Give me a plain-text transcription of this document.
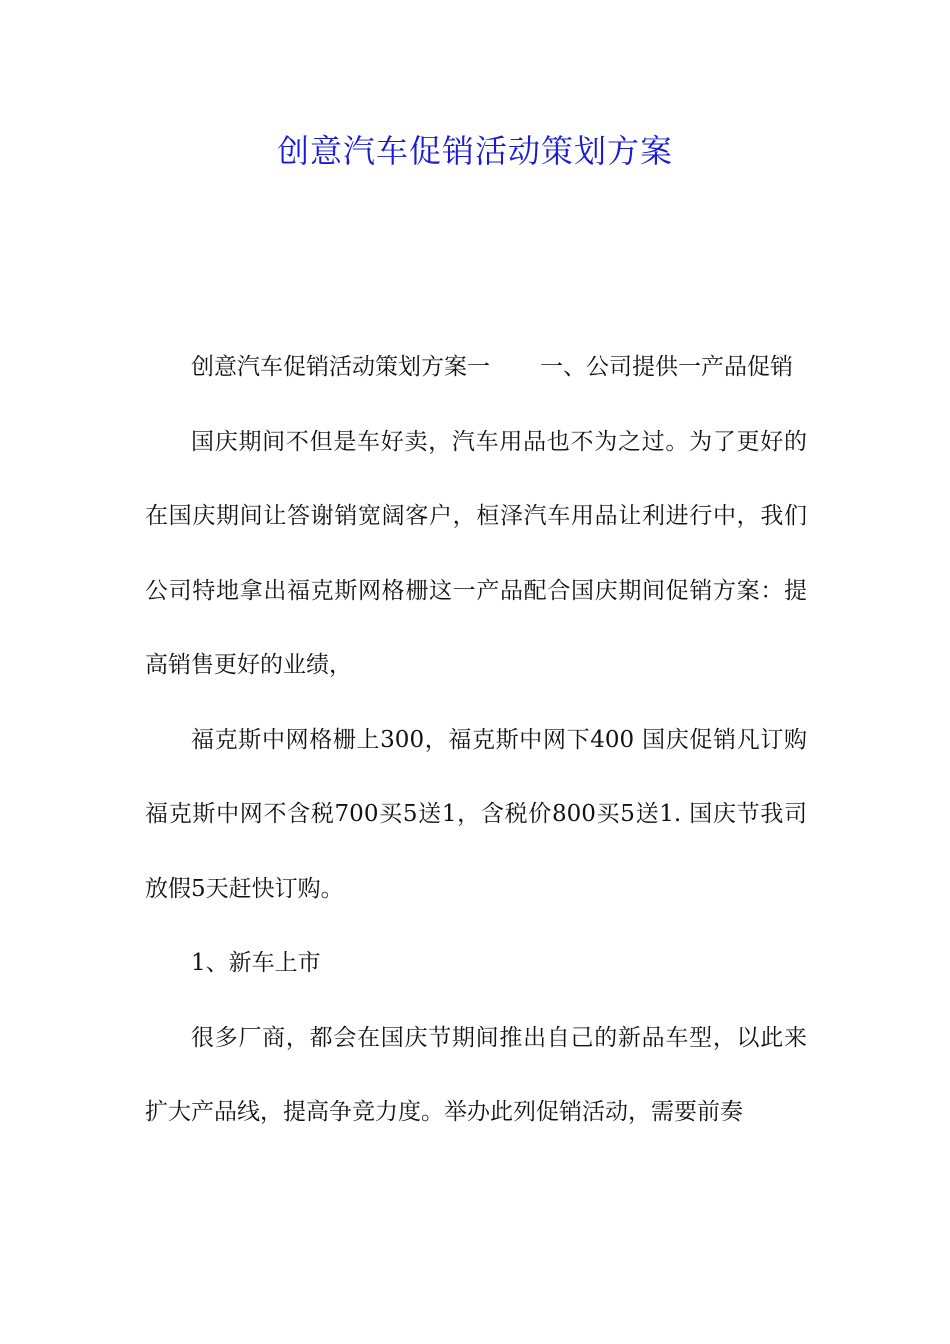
创意汽车促销活动策划方案

创意汽车促销活动策划方案一 一、公司提供一产品促销

国庆期间不但是车好卖，汽车用品也不为之过。为了更好的在国庆期间让答谢销宽阔客户，桓泽汽车用品让利进行中，我们公司特地拿出福克斯网格栅这一产品配合国庆期间促销方案：提高销售更好的业绩，

福克斯中网格栅上300，福克斯中网下400 国庆促销凡订购福克斯中网不含税700买5送1，含税价800买5送1. 国庆节我司放假5天赶快订购。

1、新车上市

很多厂商，都会在国庆节期间推出自己的新品车型，以此来扩大产品线，提高争竞力度。举办此列促销活动，需要前奏
